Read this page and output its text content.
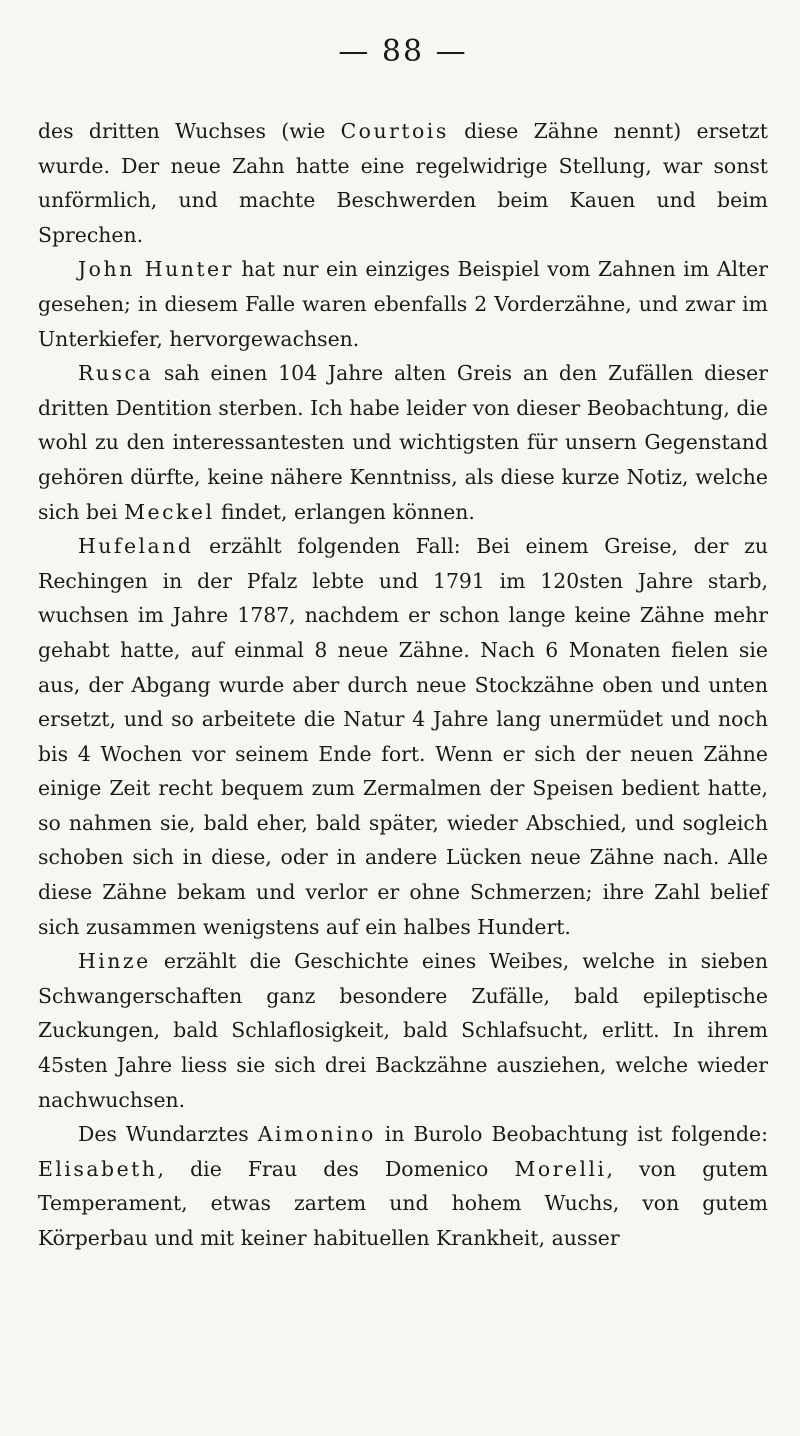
— 88 —

des dritten Wuchses (wie Courtois diese Zähne nennt) ersetzt wurde. Der neue Zahn hatte eine regelwidrige Stellung, war sonst unförmlich, und machte Beschwerden beim Kauen und beim Sprechen.

John Hunter hat nur ein einziges Beispiel vom Zahnen im Alter gesehen; in diesem Falle waren ebenfalls 2 Vorderzähne, und zwar im Unterkiefer, hervorgewachsen.

Rusca sah einen 104 Jahre alten Greis an den Zufällen dieser dritten Dentition sterben. Ich habe leider von dieser Beobachtung, die wohl zu den interessantesten und wichtigsten für unsern Gegenstand gehören dürfte, keine nähere Kenntniss, als diese kurze Notiz, welche sich bei Meckel findet, erlangen können.

Hufeland erzählt folgenden Fall: Bei einem Greise, der zu Rechingen in der Pfalz lebte und 1791 im 120sten Jahre starb, wuchsen im Jahre 1787, nachdem er schon lange keine Zähne mehr gehabt hatte, auf einmal 8 neue Zähne. Nach 6 Monaten fielen sie aus, der Abgang wurde aber durch neue Stockzähne oben und unten ersetzt, und so arbeitete die Natur 4 Jahre lang unermüdet und noch bis 4 Wochen vor seinem Ende fort. Wenn er sich der neuen Zähne einige Zeit recht bequem zum Zermalmen der Speisen bedient hatte, so nahmen sie, bald eher, bald später, wieder Abschied, und sogleich schoben sich in diese, oder in andere Lücken neue Zähne nach. Alle diese Zähne bekam und verlor er ohne Schmerzen; ihre Zahl belief sich zusammen wenigstens auf ein halbes Hundert.

Hinze erzählt die Geschichte eines Weibes, welche in sieben Schwangerschaften ganz besondere Zufälle, bald epileptische Zuckungen, bald Schlaflosigkeit, bald Schlafsucht, erlitt. In ihrem 45sten Jahre liess sie sich drei Backzähne ausziehen, welche wieder nachwuchsen.

Des Wundarztes Aimonino in Burolo Beobachtung ist folgende: Elisabeth, die Frau des Domenico Morelli, von gutem Temperament, etwas zartem und hohem Wuchs, von gutem Körperbau und mit keiner habituellen Krankheit, ausser
